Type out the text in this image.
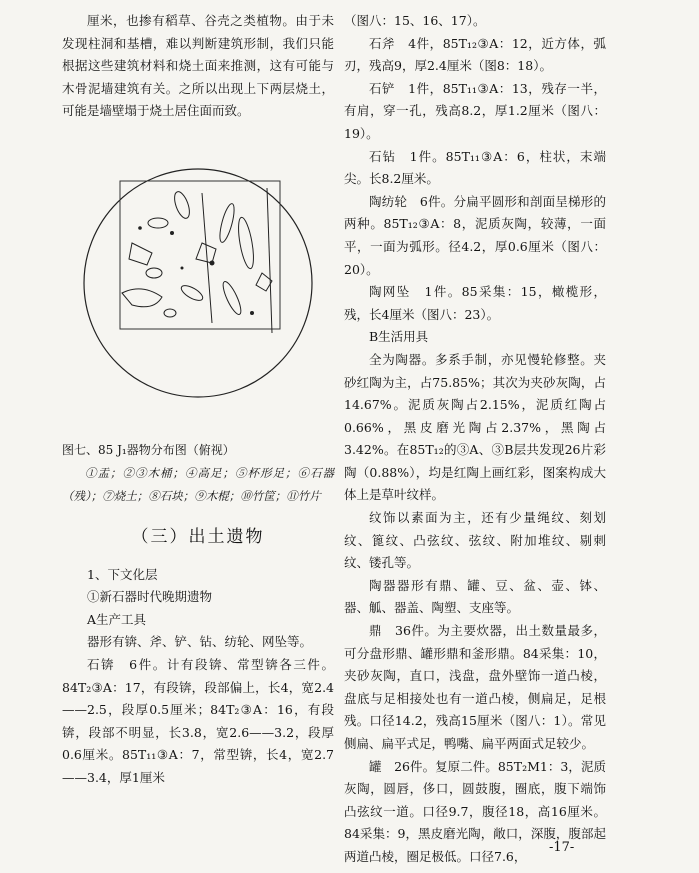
厘米，也掺有稻草、谷壳之类植物。由于未发现柱洞和基槽，难以判断建筑形制，我们只能根据这些建筑材料和烧土面来推测，这有可能与木骨泥墙建筑有关。之所以出现上下两层烧土，可能是墙壁塌于烧土居住面而致。

图七、85 J₁器物分布图（俯视）

①盂；②③木桶；④高足；⑤杯形足；⑥石器（残）；⑦烧土；⑧石块；⑨木棍；⑩竹筐；⑪竹片

（三）出土遗物

1、下文化层

①新石器时代晚期遗物

A生产工具

器形有锛、斧、铲、钻、纺轮、网坠等。

石锛　6件。计有段锛、常型锛各三件。84T₂③A：17，有段锛，段部偏上，长4，宽2.4——2.5，段厚0.5厘米；84T₂③A：16，有段锛，段部不明显，长3.8，宽2.6——3.2，段厚0.6厘米。85T₁₁③A：7，常型锛，长4，宽2.7——3.4，厚1厘米

（图八：15、16、17）。

石斧　4件，85T₁₂③A：12，近方体，弧刃，残高9，厚2.4厘米（图8：18）。

石铲　1件，85T₁₁③A：13，残存一半，有肩，穿一孔，残高8.2，厚1.2厘米（图八：19）。

石钻　1件。85T₁₁③A：6，柱状，末端尖。长8.2厘米。

陶纺轮　6件。分扁平圆形和剖面呈梯形的两种。85T₁₂③A：8，泥质灰陶，较薄，一面平，一面为弧形。径4.2，厚0.6厘米（图八：20）。

陶网坠　1件。85采集：15，橄榄形，残，长4厘米（图八：23）。

B生活用具

全为陶器。多系手制，亦见慢轮修整。夹砂红陶为主，占75.85%；其次为夹砂灰陶，占14.67%。泥质灰陶占2.15%，泥质红陶占0.66%，黑皮磨光陶占2.37%，黑陶占3.42%。在85T₁₂的③A、③B层共发现26片彩陶（0.88%），均是红陶上画红彩，图案构成大体上是草叶纹样。

纹饰以素面为主，还有少量绳纹、刻划纹、篦纹、凸弦纹、弦纹、附加堆纹、剔刺纹、镂孔等。

陶器器形有鼎、罐、豆、盆、壶、钵、器、觚、器盖、陶塑、支座等。

鼎　36件。为主要炊器，出土数量最多，可分盘形鼎、罐形鼎和釜形鼎。84采集：10，夹砂灰陶，直口，浅盘，盘外壁饰一道凸棱，盘底与足相接处也有一道凸棱，侧扁足，足根残。口径14.2，残高15厘米（图八：1）。常见侧扁、扁平式足，鸭嘴、扁平两面式足较少。

罐　26件。复原二件。85T₂M1：3，泥质灰陶，圆唇，侈口，圆鼓腹，圈底，腹下端饰凸弦纹一道。口径9.7，腹径18，高16厘米。84采集：9，黑皮磨光陶，敞口，深腹，腹部起两道凸棱，圈足极低。口径7.6，

-17-
